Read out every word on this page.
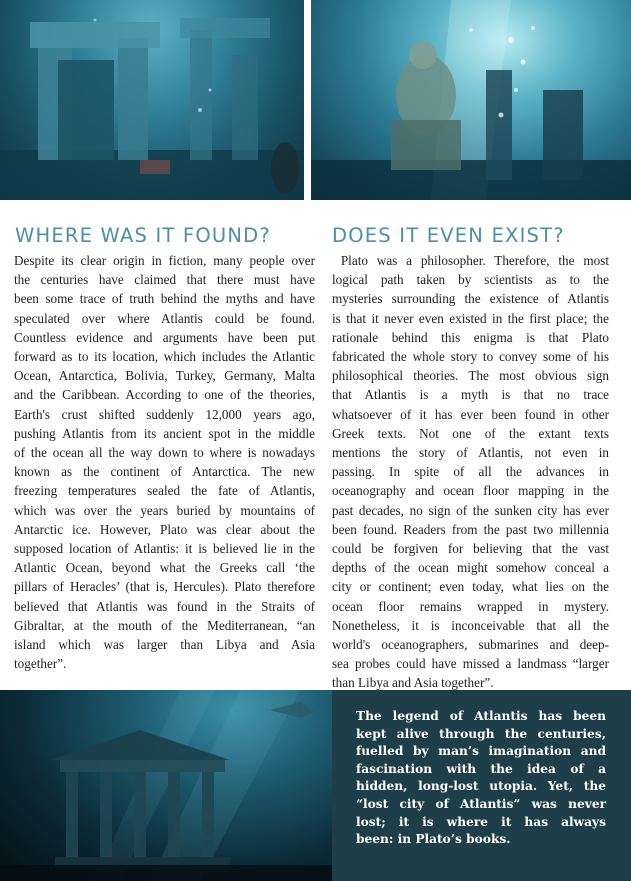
WHERE WAS IT FOUND?	DOES IT EVEN EXIST?
Despite its clear origin in fiction, many people over
the centuries have claimed that there must have
been some trace of truth behind the myths and have
speculated over where Atlantis could be found.
Countless evidence and arguments have been put
forward as to its location, which includes the Atlantic
Ocean, Antarctica, Bolivia, Turkey, Germany, Malta
and the Caribbean. According to one of the theories,
Earth's crust shifted suddenly 12,000 years ago,
pushing Atlantis from its ancient spot in the middle
of the ocean all the way down to where is nowadays
known as the continent of Antarctica. The new
freezing temperatures sealed the fate of Atlantis,
which was over the years buried by mountains of
Antarctic ice. However, Plato was clear about the
supposed location of Atlantis: it is believed lie in the
Atlantic Ocean, beyond what the Greeks call ‘the
pillars of Heracles’ (that is, Hercules). Plato therefore
believed that Atlantis was found in the Straits of
Gibraltar, at the mouth of the Mediterranean, “an
island which was larger than Libya and Asia
together”.
Plato was a philosopher. Therefore, the most
logical path taken by scientists as to the
mysteries surrounding the existence of Atlantis
is that it never even existed in the first place; the
rationale behind this enigma is that Plato
fabricated the whole story to convey some of his
philosophical theories. The most obvious sign
that Atlantis is a myth is that no trace
whatsoever of it has ever been found in other
Greek texts. Not one of the extant texts
mentions the story of Atlantis, not even in
passing. In spite of all the advances in
oceanography and ocean floor mapping in the
past decades, no sign of the sunken city has ever
been found. Readers from the past two millennia
could be forgiven for believing that the vast
depths of the ocean might somehow conceal a
city or continent; even today, what lies on the
ocean floor remains wrapped in mystery.
Nonetheless, it is inconceivable that all the
world's oceanographers, submarines and deep-
sea probes could have missed a landmass “larger
than Libya and Asia together”.

The legend of Atlantis has been
kept alive through the centuries,
fuelled by man’s imagination and
fascination with the idea of a
hidden, long-lost utopia. Yet, the
“lost city of Atlantis” was never
lost; it is where it has always
been: in Plato’s books.
